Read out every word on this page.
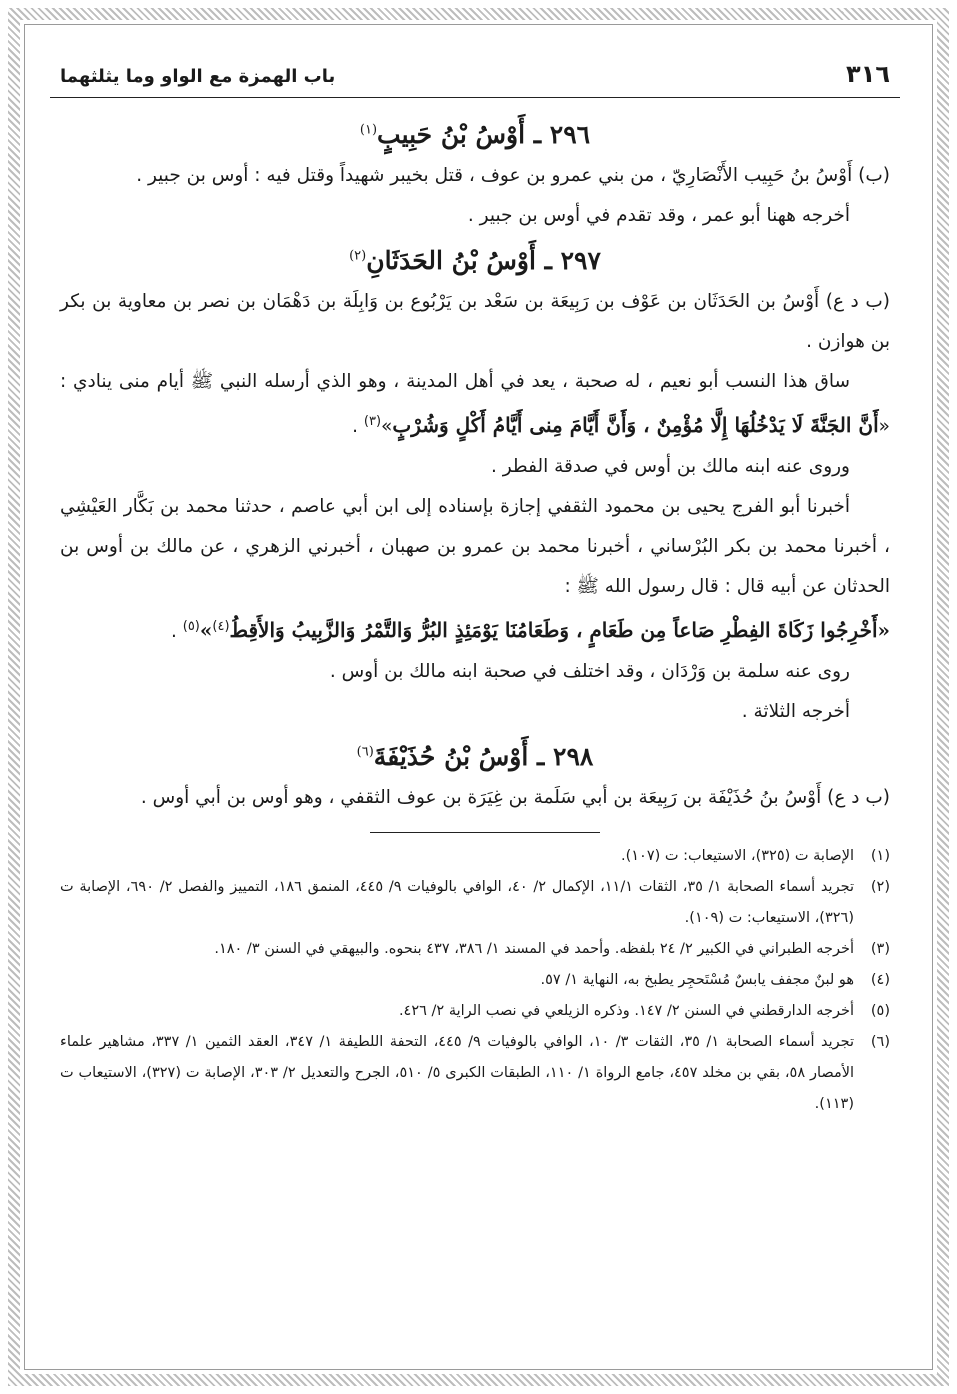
٣١٦
باب الهمزة مع الواو وما يثلثهما
٢٩٦ ـ أَوْسُ بْنُ حَبِيبٍ$^{(١)}$

(ب) أَوْسُ بنُ حَبِيب الأَنْصَارِيّ ، من بني عمرو بن عوف ، قتل بخيبر شهيداً وقتل فيه : أوس بن جبير .

أخرجه ههنا أبو عمر ، وقد تقدم في أوس بن جبير .

٢٩٧ ـ أَوْسُ بْنُ الحَدَثَانِ$^{(٢)}$

(ب د ع) أَوْسُ بن الحَدَثَان بن عَوْف بن رَبِيعَة بن سَعْد بن يَرْبُوع بن وَابِلَة بن دَهْمَان بن نصر بن معاوية بن بكر بن هوازن .

ساق هذا النسب أبو نعيم ، له صحبة ، يعد في أهل المدينة ، وهو الذي أرسله النبي ﷺ أيام منى ينادي : «أَنَّ الجَنَّةَ لَا يَدْخُلُهَا إِلَّا مُؤْمِنٌ ، وَأَنَّ أَيَّامَ مِنى أَيَّامُ أَكْلٍ وَشُرْبٍ»$^{(٣)}$ .

وروى عنه ابنه مالك بن أوس في صدقة الفطر .

أخبرنا أبو الفرج يحيى بن محمود الثقفي إجازة بإسناده إلى ابن أبي عاصم ، حدثنا محمد بن بَكَّار العَيْشِي ، أخبرنا محمد بن بكر البُرْساني ، أخبرنا محمد بن عمرو بن صهبان ، أخبرني الزهري ، عن مالك بن أوس بن الحدثان عن أبيه قال : قال رسول الله ﷺ :

«أَخْرِجُوا زَكَاةَ الفِطْرِ صَاعاً مِن طَعَامٍ ، وَطَعَامُنَا يَوْمَئِذٍ البُرُّ وَالتَّمْرُ وَالزَّبِيبُ وَالأَقِطُ$^{(٤)}$»$^{(٥)}$ .

روى عنه سلمة بن وَرْدَان ، وقد اختلف في صحبة ابنه مالك بن أوس .

أخرجه الثلاثة .

٢٩٨ ـ أَوْسُ بْنُ حُذَيْفَةَ$^{(٦)}$

(ب د ع) أَوْسُ بنُ حُذَيْفَة بن رَبِيعَة بن أبي سَلَمة بن غِيَرَة بن عوف الثقفي ، وهو أوس بن أبي أوس .

(١)
الإصابة ت (٣٢٥)، الاستيعاب: ت (١٠٧).
(٢)
تجريد أسماء الصحابة ١/ ٣٥، الثقات ١١/١، الإكمال ٢/ ٤٠، الوافي بالوفيات ٩/ ٤٤٥، المنمق ١٨٦، التمييز والفصل ٢/ ٦٩٠، الإصابة ت (٣٢٦)، الاستيعاب: ت (١٠٩).
(٣)
أخرجه الطبراني في الكبير ٢/ ٢٤ بلفظه. وأحمد في المسند ١/ ٣٨٦، ٤٣٧ بنحوه. والبيهقي في السنن ٣/ ١٨٠.
(٤)
هو لبنٌ مجفف يابسٌ مُسْتَحجِر يطبخ به، النهاية ١/ ٥٧.
(٥)
أخرجه الدارقطني في السنن ٢/ ١٤٧. وذكره الزيلعي في نصب الراية ٢/ ٤٢٦.
(٦)
تجريد أسماء الصحابة ١/ ٣٥، الثقات ٣/ ١٠، الوافي بالوفيات ٩/ ٤٤٥، التحفة اللطيفة ١/ ٣٤٧، العقد الثمين ١/ ٣٣٧، مشاهير علماء الأمصار ٥٨، بقي بن مخلد ٤٥٧، جامع الرواة ١/ ١١٠، الطبقات الكبرى ٥/ ٥١٠، الجرح والتعديل ٢/ ٣٠٣، الإصابة ت (٣٢٧)، الاستيعاب ت (١١٣).
